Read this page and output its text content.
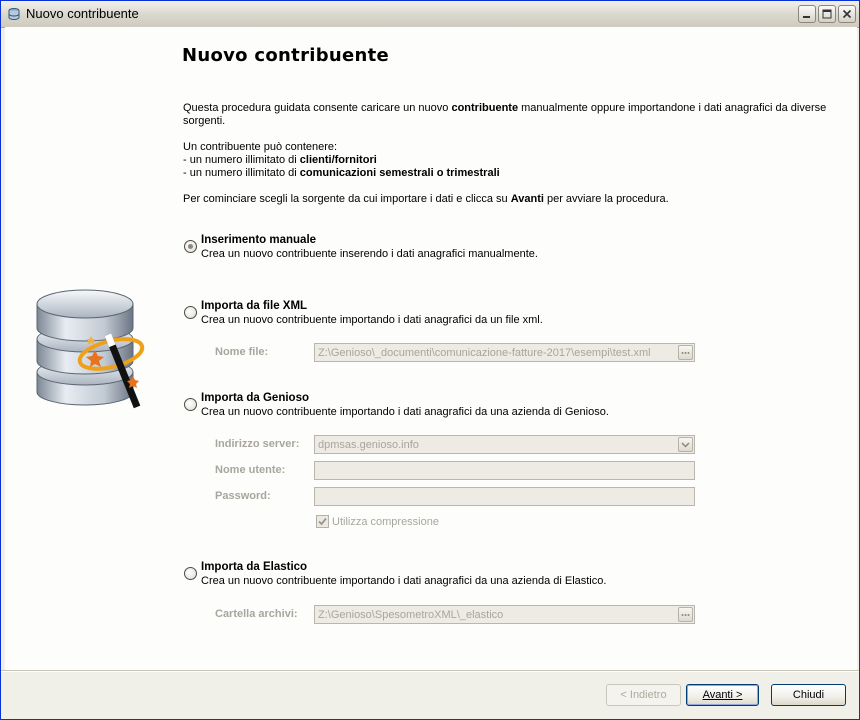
Nuovo contribuente
Nuovo contribuente
Questa procedura guidata consente caricare un nuovo contribuente manualmente oppure importandone i dati anagrafici da diverse
sorgenti.
Un contribuente può contenere:
- un numero illimitato di clienti/fornitori
- un numero illimitato di comunicazioni semestrali o trimestrali
Per cominciare scegli la sorgente da cui importare i dati e clicca su Avanti per avviare la procedura.
Inserimento manuale
Crea un nuovo contribuente inserendo i dati anagrafici manualmente.
Importa da file XML
Crea un nuovo contribuente importando i dati anagrafici da un file xml.
Nome file:	Z:\Genioso\_documenti\comunicazione-fatture-2017\esempi\test.xml
Importa da Genioso
Crea un nuovo contribuente importando i dati anagrafici da una azienda di Genioso.
Indirizzo server:	dpmsas.genioso.info
Nome utente:
Password:
Utilizza compressione
Importa da Elastico
Crea un nuovo contribuente importando i dati anagrafici da una azienda di Elastico.
Cartella archivi:	Z:\Genioso\SpesometroXML\_elastico
< Indietro	Avanti >	Chiudi
